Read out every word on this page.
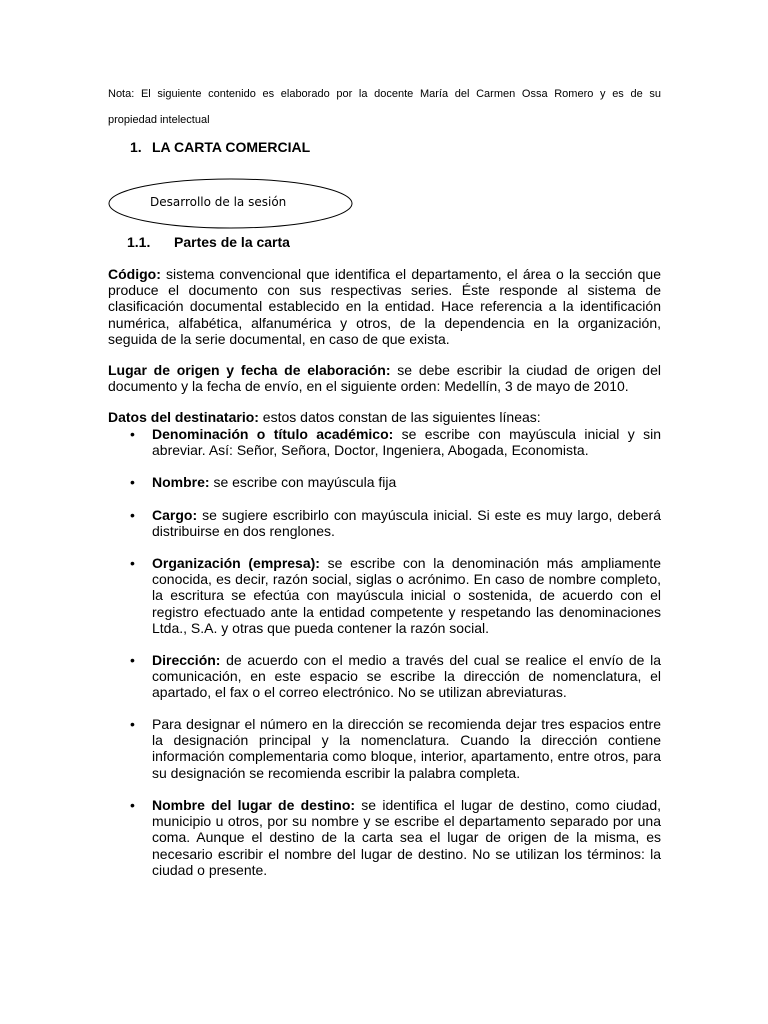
Nota: El siguiente contenido es elaborado por la docente María del Carmen Ossa Romero y es de su
propiedad intelectual
1. LA CARTA COMERCIAL
Desarrollo de la sesión
1.1. Partes de la carta
Código: sistema convencional que identifica el departamento, el área o la sección que produce el documento con sus respectivas series. Éste responde al sistema de clasificación documental establecido en la entidad. Hace referencia a la identificación numérica, alfabética, alfanumérica y otros, de la dependencia en la organización, seguida de la serie documental, en caso de que exista.
Lugar de origen y fecha de elaboración: se debe escribir la ciudad de origen del documento y la fecha de envío, en el siguiente orden: Medellín, 3 de mayo de 2010.
Datos del destinatario: estos datos constan de las siguientes líneas:
• Denominación o título académico: se escribe con mayúscula inicial y sin abreviar. Así: Señor, Señora, Doctor, Ingeniera, Abogada, Economista.
• Nombre: se escribe con mayúscula fija
• Cargo: se sugiere escribirlo con mayúscula inicial. Si este es muy largo, deberá distribuirse en dos renglones.
• Organización (empresa): se escribe con la denominación más ampliamente conocida, es decir, razón social, siglas o acrónimo. En caso de nombre completo, la escritura se efectúa con mayúscula inicial o sostenida, de acuerdo con el registro efectuado ante la entidad competente y respetando las denominaciones Ltda., S.A. y otras que pueda contener la razón social.
• Dirección: de acuerdo con el medio a través del cual se realice el envío de la comunicación, en este espacio se escribe la dirección de nomenclatura, el apartado, el fax o el correo electrónico. No se utilizan abreviaturas.
• Para designar el número en la dirección se recomienda dejar tres espacios entre la designación principal y la nomenclatura. Cuando la dirección contiene información complementaria como bloque, interior, apartamento, entre otros, para su designación se recomienda escribir la palabra completa.
• Nombre del lugar de destino: se identifica el lugar de destino, como ciudad, municipio u otros, por su nombre y se escribe el departamento separado por una coma. Aunque el destino de la carta sea el lugar de origen de la misma, es necesario escribir el nombre del lugar de destino. No se utilizan los términos: la ciudad o presente.
